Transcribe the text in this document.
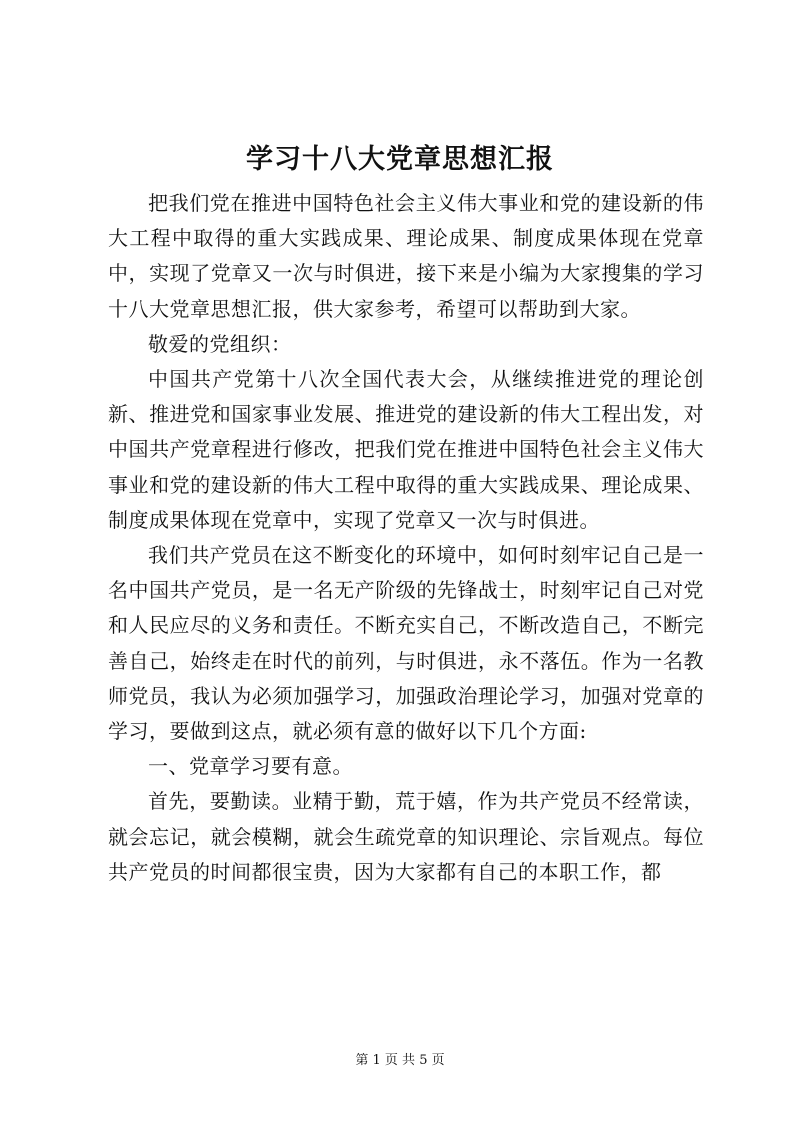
学习十八大党章思想汇报

把我们党在推进中国特色社会主义伟大事业和党的建设新的伟大工程中取得的重大实践成果、理论成果、制度成果体现在党章中，实现了党章又一次与时俱进，接下来是小编为大家搜集的学习十八大党章思想汇报，供大家参考，希望可以帮助到大家。

敬爱的党组织：

中国共产党第十八次全国代表大会，从继续推进党的理论创新、推进党和国家事业发展、推进党的建设新的伟大工程出发，对中国共产党章程进行修改，把我们党在推进中国特色社会主义伟大事业和党的建设新的伟大工程中取得的重大实践成果、理论成果、制度成果体现在党章中，实现了党章又一次与时俱进。

我们共产党员在这不断变化的环境中，如何时刻牢记自己是一名中国共产党员，是一名无产阶级的先锋战士，时刻牢记自己对党和人民应尽的义务和责任。不断充实自己，不断改造自己，不断完善自己，始终走在时代的前列，与时俱进，永不落伍。作为一名教师党员，我认为必须加强学习，加强政治理论学习，加强对党章的学习，要做到这点，就必须有意的做好以下几个方面:

一、党章学习要有意。

首先，要勤读。业精于勤，荒于嬉，作为共产党员不经常读，就会忘记，就会模糊，就会生疏党章的知识理论、宗旨观点。每位共产党员的时间都很宝贵，因为大家都有自己的本职工作，都

第 1 页 共 5 页
